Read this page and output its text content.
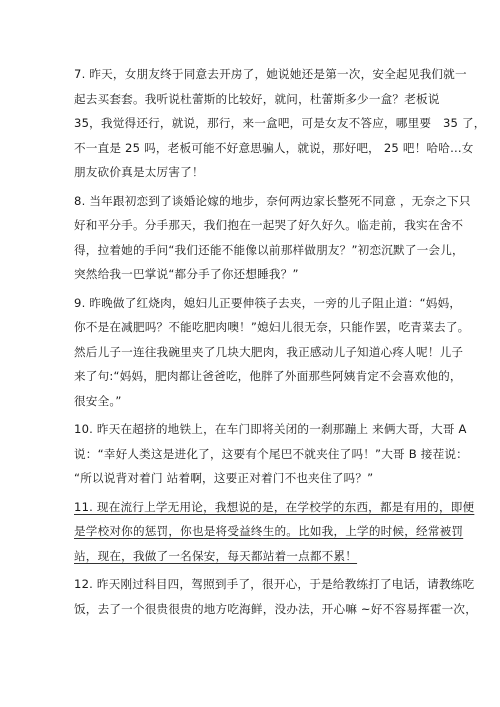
7. 昨天，女朋友终于同意去开房了，她说她还是第一次，安全起见我们就一
起去买套套。我听说杜蕾斯的比较好，就问，杜蕾斯多少一盒？老板说
35，我觉得还行，就说，那行，来一盒吧，可是女友不答应，哪里要　35 了，
不一直是 25 吗，老板可能不好意思骗人，就说，那好吧， 25 吧！哈哈...女
朋友砍价真是太厉害了！
8. 当年跟初恋到了谈婚论嫁的地步，奈何两边家长整死不同意 ，无奈之下只
好和平分手。分手那天，我们抱在一起哭了好久好久。临走前，我实在舍不
得，拉着她的手问“我们还能不能像以前那样做朋友？”初恋沉默了一会儿，
突然给我一巴掌说“都分手了你还想睡我？”
9. 昨晚做了红烧肉，媳妇儿正要伸筷子去夹，一旁的儿子阻止道：“妈妈，
你不是在减肥吗？不能吃肥肉噢！”媳妇儿很无奈，只能作罢，吃青菜去了。
然后儿子一连往我碗里夹了几块大肥肉，我正感动儿子知道心疼人呢！儿子
来了句:“妈妈，肥肉都让爸爸吃，他胖了外面那些阿姨肯定不会喜欢他的，
很安全。”
10. 昨天在超挤的地铁上，在车门即将关闭的一刹那蹦上 来俩大哥，大哥 A
说：“幸好人类这是进化了，这要有个尾巴不就夹住了吗！”大哥 B 接茬说：
“所以说背对着门 站着啊，这要正对着门不也夹住了吗？”
11. 现在流行上学无用论，我想说的是，在学校学的东西，都是有用的，即便
是学校对你的惩罚，你也是将受益终生的。比如我，上学的时候，经常被罚
站，现在，我做了一名保安，每天都站着一点都不累！
12. 昨天刚过科目四，驾照到手了，很开心，于是给教练打了电话，请教练吃
饭，去了一个很贵很贵的地方吃海鲜，没办法，开心嘛 ~好不容易挥霍一次，
